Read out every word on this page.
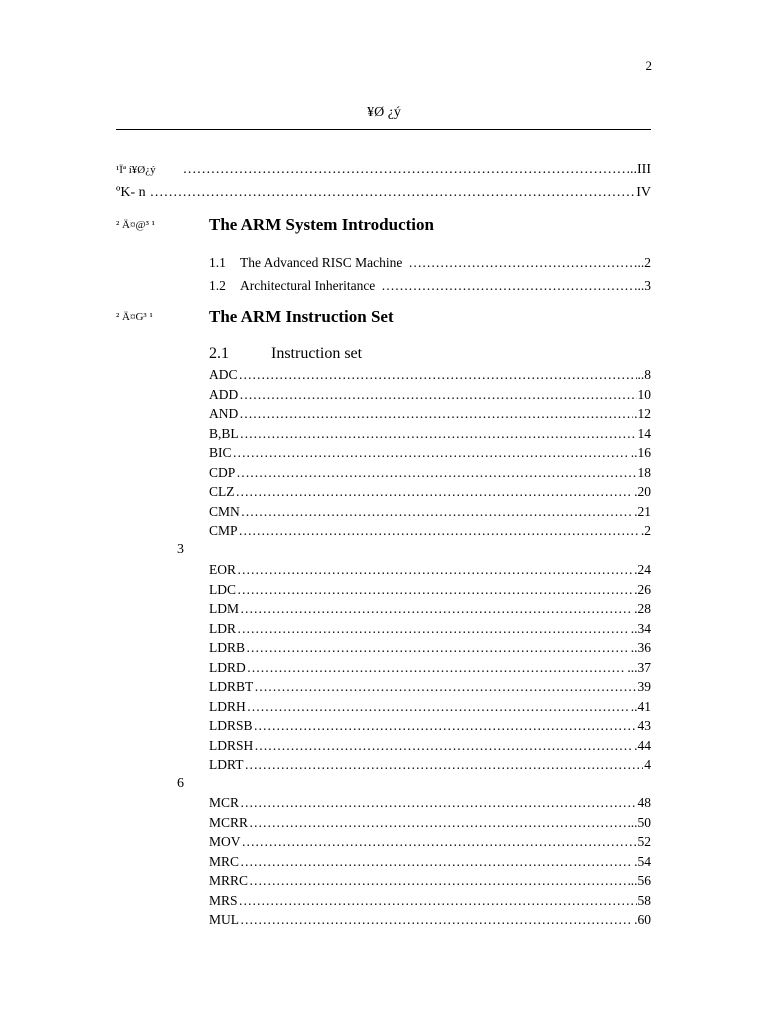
2
¥Ø ¿ý
¹Ïª í¥Ø¿ý ……………………………………………………………………………………………………………………………………………………………………………………	..III
ºK- n ……………………………………………………………………………………………………………………………………………………………………………………	IV
² Ä¤@³ ¹	The ARM System Introduction
1.1	The Advanced RISC Machine ……………………………………………………………………………………………………………………………………………………………………………………	..2
1.2	Architectural Inheritance ……………………………………………………………………………………………………………………………………………………………………………………	...3
² Ä¤G³ ¹	The ARM Instruction Set
2.1	Instruction set
3
6
ADC ……………………………………………………………………………………………………………………………………………………………………………………	..8
ADD ……………………………………………………………………………………………………………………………………………………………………………………	10
AND ……………………………………………………………………………………………………………………………………………………………………………………	.12
B,BL ……………………………………………………………………………………………………………………………………………………………………………………	14
BIC ……………………………………………………………………………………………………………………………………………………………………………………	..16
CDP ……………………………………………………………………………………………………………………………………………………………………………………	18
CLZ ……………………………………………………………………………………………………………………………………………………………………………………	.20
CMN ……………………………………………………………………………………………………………………………………………………………………………………	.21
CMP ……………………………………………………………………………………………………………………………………………………………………………………	.2
EOR ……………………………………………………………………………………………………………………………………………………………………………………	.24
LDC ……………………………………………………………………………………………………………………………………………………………………………………	.26
LDM ……………………………………………………………………………………………………………………………………………………………………………………	.28
LDR ……………………………………………………………………………………………………………………………………………………………………………………	..34
LDRB ……………………………………………………………………………………………………………………………………………………………………………………	..36
LDRD ……………………………………………………………………………………………………………………………………………………………………………………	...37
LDRBT ……………………………………………………………………………………………………………………………………………………………………………………	39
LDRH ……………………………………………………………………………………………………………………………………………………………………………………	..41
LDRSB ……………………………………………………………………………………………………………………………………………………………………………………	43
LDRSH ……………………………………………………………………………………………………………………………………………………………………………………	.44
LDRT ……………………………………………………………………………………………………………………………………………………………………………………	4
MCR ……………………………………………………………………………………………………………………………………………………………………………………	48
MCRR ……………………………………………………………………………………………………………………………………………………………………………………	..50
MOV ……………………………………………………………………………………………………………………………………………………………………………………	52
MRC ……………………………………………………………………………………………………………………………………………………………………………………	.54
MRRC ……………………………………………………………………………………………………………………………………………………………………………………	..56
MRS ……………………………………………………………………………………………………………………………………………………………………………………	58
MUL ……………………………………………………………………………………………………………………………………………………………………………………	.60
